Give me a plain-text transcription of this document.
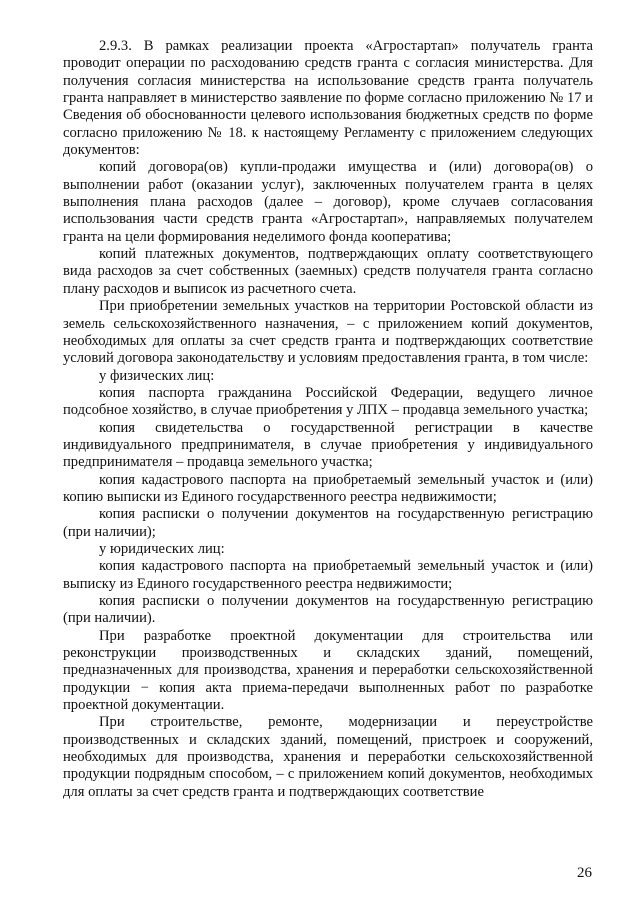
2.9.3. В рамках реализации проекта «Агростартап» получатель гранта проводит операции по расходованию средств гранта с согласия министерства. Для получения согласия министерства на использование средств гранта получатель гранта направляет в министерство заявление по форме согласно приложению № 17 и Сведения об обоснованности целевого использования бюджетных средств по форме согласно приложению № 18. к настоящему Регламенту с приложением следующих документов:

копий договора(ов) купли-продажи имущества и (или) договора(ов) о выполнении работ (оказании услуг), заключенных получателем гранта в целях выполнения плана расходов (далее – договор), кроме случаев согласования использования части средств гранта «Агростартап», направляемых получателем гранта на цели формирования неделимого фонда кооператива;

копий платежных документов, подтверждающих оплату соответствующего вида расходов за счет собственных (заемных) средств получателя гранта согласно плану расходов и выписок из расчетного счета.

При приобретении земельных участков на территории Ростовской области из земель сельскохозяйственного назначения, – с приложением копий документов, необходимых для оплаты за счет средств гранта и подтверждающих соответствие условий договора законодательству и условиям предоставления гранта, в том числе:

у физических лиц:

копия паспорта гражданина Российской Федерации, ведущего личное подсобное хозяйство, в случае приобретения у ЛПХ – продавца земельного участка;

копия свидетельства о государственной регистрации в качестве индивидуального предпринимателя, в случае приобретения у индивидуального предпринимателя – продавца земельного участка;

копия кадастрового паспорта на приобретаемый земельный участок и (или) копию выписки из Единого государственного реестра недвижимости;

копия расписки о получении документов на государственную регистрацию (при наличии);

у юридических лиц:

копия кадастрового паспорта на приобретаемый земельный участок и (или) выписку из Единого государственного реестра недвижимости;

копия расписки о получении документов на государственную регистрацию (при наличии).

При разработке проектной документации для строительства или реконструкции производственных и складских зданий, помещений, предназначенных для производства, хранения и переработки сельскохозяйственной продукции − копия акта приема-передачи выполненных работ по разработке проектной документации.

При строительстве, ремонте, модернизации и переустройстве производственных и складских зданий, помещений, пристроек и сооружений, необходимых для производства, хранения и переработки сельскохозяйственной продукции подрядным способом, – с приложением копий документов, необходимых для оплаты за счет средств гранта и подтверждающих соответствие

26
